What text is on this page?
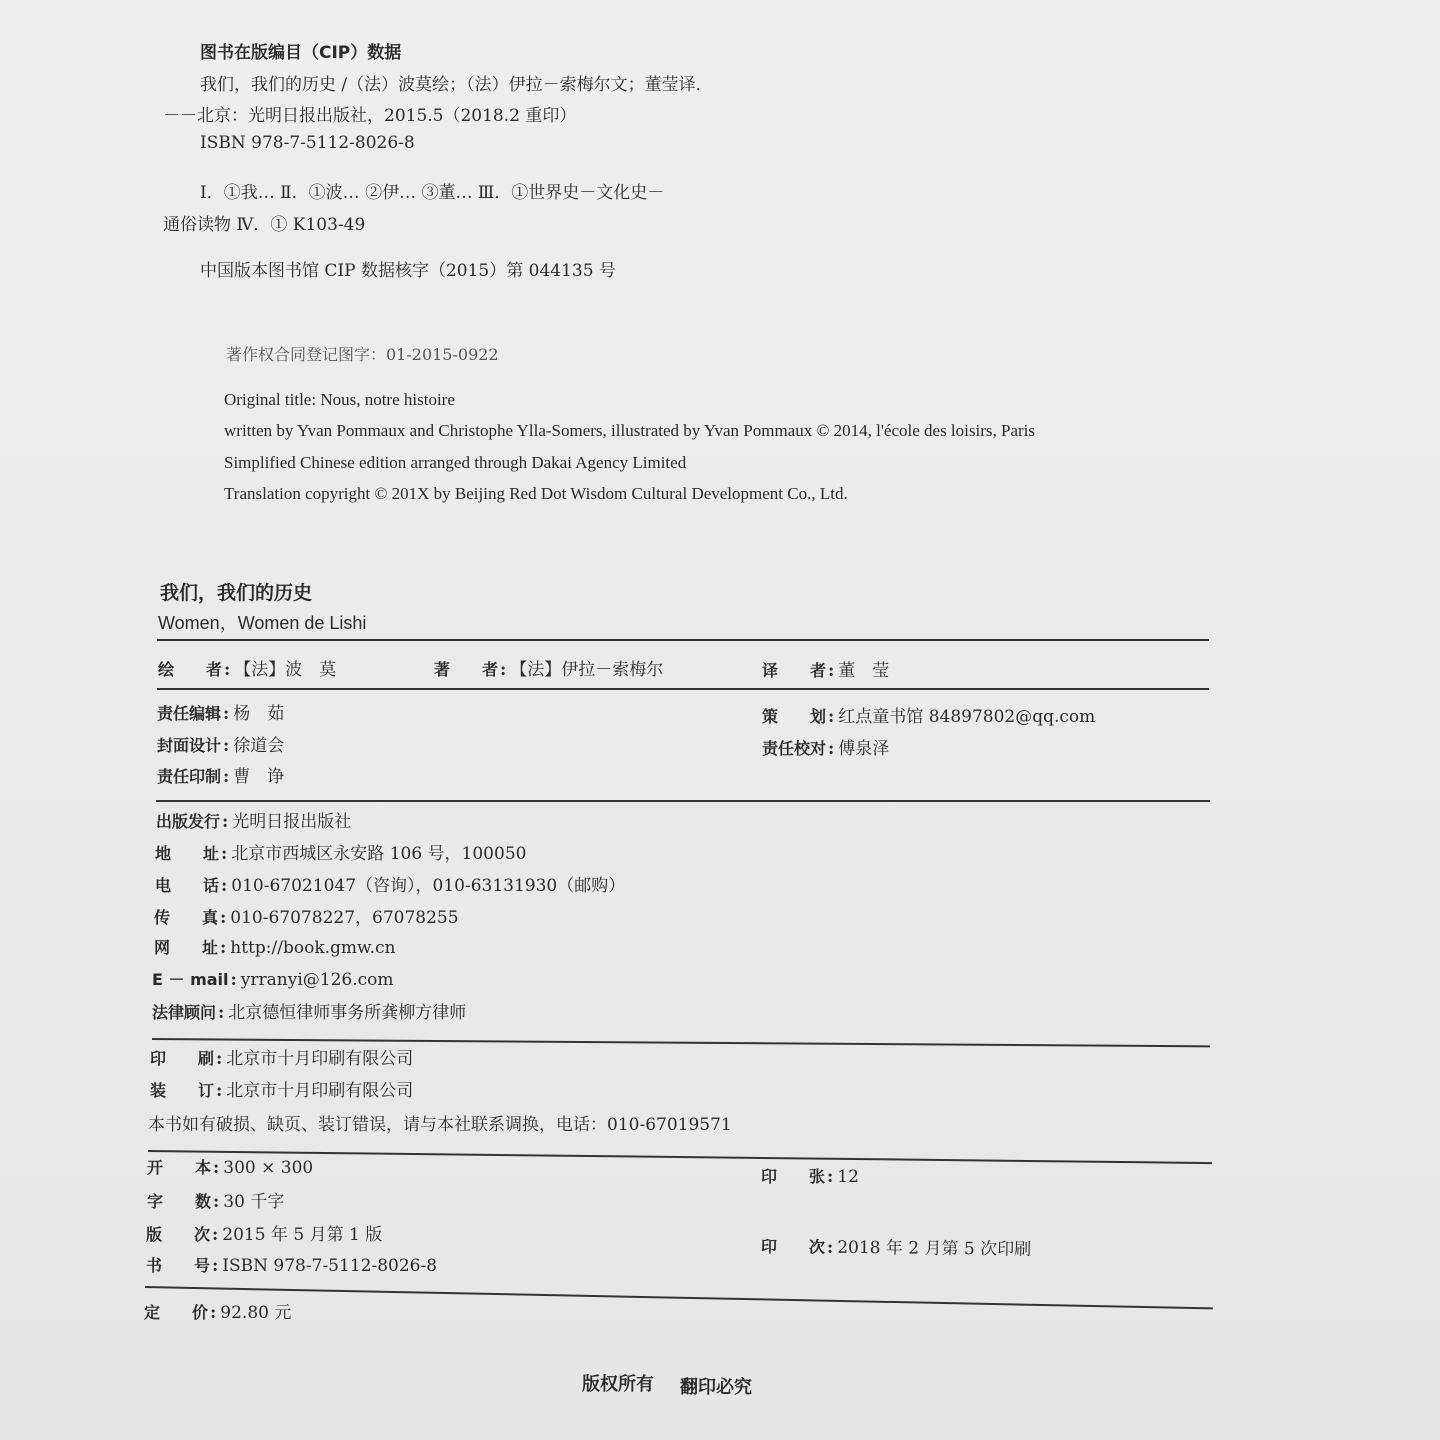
图书在版编目（CIP）数据
我们，我们的历史 /（法）波莫绘；（法）伊拉－索梅尔文；董莹译．
－－北京：光明日报出版社，2015.5（2018.2 重印）
ISBN 978-7-5112-8026-8
Ⅰ．①我… Ⅱ．①波… ②伊… ③董… Ⅲ．①世界史－文化史－
通俗读物 Ⅳ．① K103-49
中国版本图书馆 CIP 数据核字（2015）第 044135 号
著作权合同登记图字：01-2015-0922
Original title: Nous, notre histoire
written by Yvan Pommaux and Christophe Ylla-Somers, illustrated by Yvan Pommaux © 2014, l'école des loisirs, Paris
Simplified Chinese edition arranged through Dakai Agency Limited
Translation copyright © 201X by Beijing Red Dot Wisdom Cultural Development Co., Ltd.
我们，我们的历史
Women，Women de Lishi
绘　　者 : 【法】波　莫	著　　者 : 【法】伊拉－索梅尔	译　　者 : 董　莹
责任编辑 : 杨　茹
封面设计 : 徐道会
责任印制 : 曹　诤
策　　划 : 红点童书馆 84897802@qq.com
责任校对 : 傅泉泽
出版发行 : 光明日报出版社
地　　址 : 北京市西城区永安路 106 号，100050
电　　话 : 010-67021047（咨询），010-63131930（邮购）
传　　真 : 010-67078227，67078255
网　　址 : http://book.gmw.cn
E － mail : yrranyi@126.com
法律顾问 : 北京德恒律师事务所龚柳方律师
印　　刷 : 北京市十月印刷有限公司
装　　订 : 北京市十月印刷有限公司
本书如有破损、缺页、装订错误，请与本社联系调换，电话：010-67019571
开　　本 : 300 × 300
字　　数 : 30 千字
版　　次 : 2015 年 5 月第 1 版
书　　号 : ISBN 978-7-5112-8026-8
印　　张 : 12
印　　次 : 2018 年 2 月第 5 次印刷
定　　价 : 92.80 元
版权所有 翻印必究
